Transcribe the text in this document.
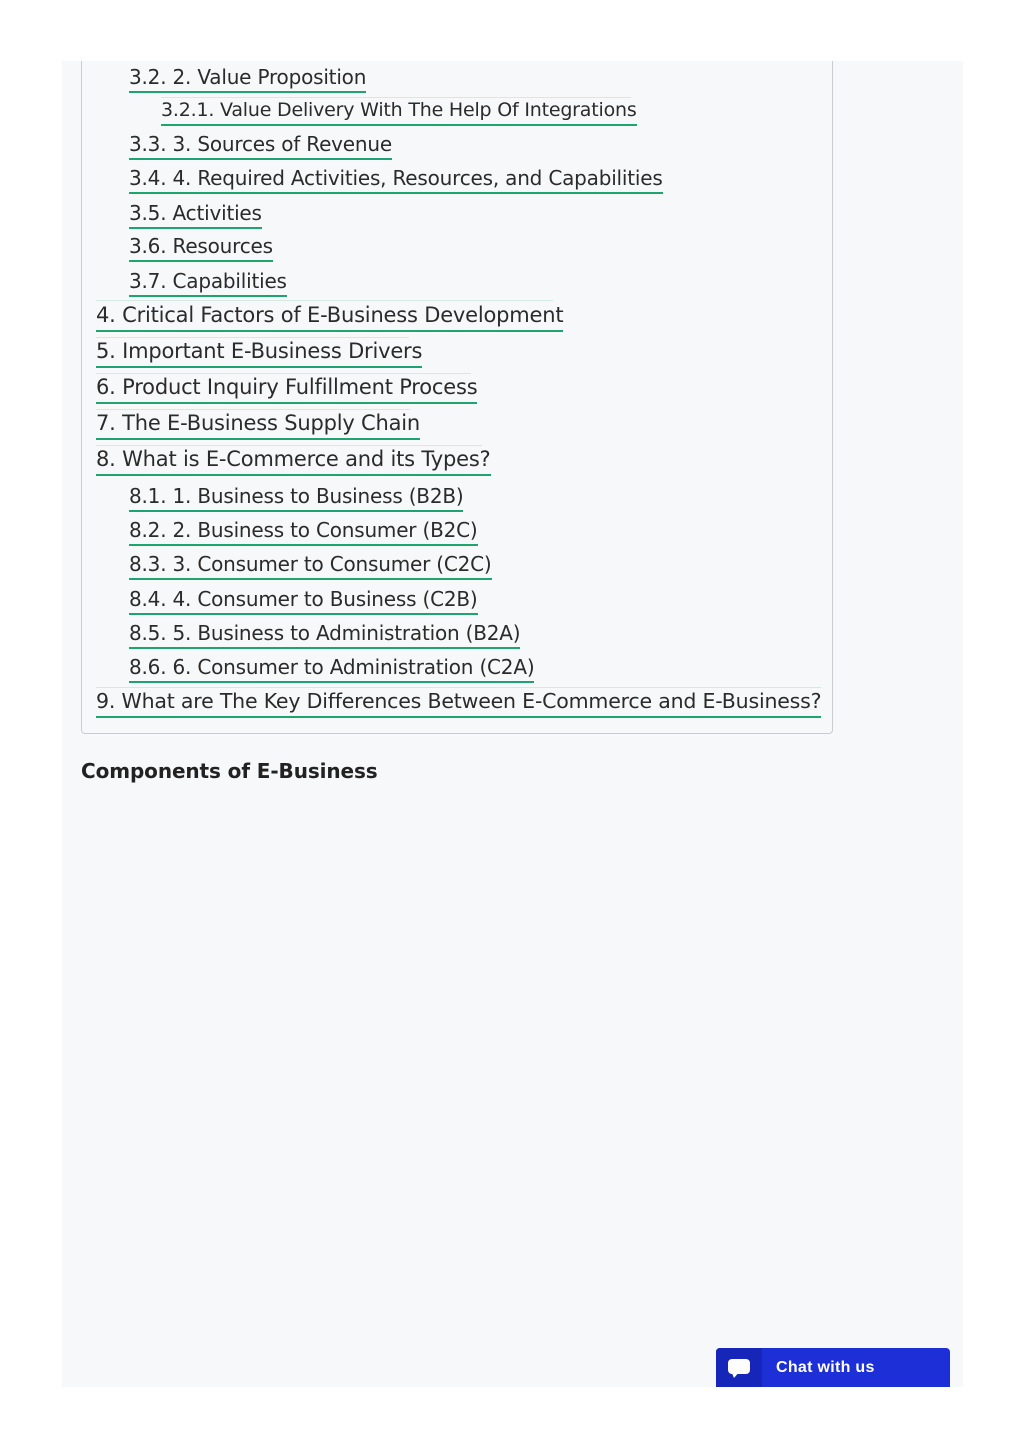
3.2. 2. Value Proposition
3.2.1. Value Delivery With The Help Of Integrations
3.3. 3. Sources of Revenue
3.4. 4. Required Activities, Resources, and Capabilities
3.5. Activities
3.6. Resources
3.7. Capabilities
4. Critical Factors of E-Business Development
5. Important E-Business Drivers
6. Product Inquiry Fulfillment Process
7. The E-Business Supply Chain
8. What is E-Commerce and its Types?
8.1. 1. Business to Business (B2B)
8.2. 2. Business to Consumer (B2C)
8.3. 3. Consumer to Consumer (C2C)
8.4. 4. Consumer to Business (C2B)
8.5. 5. Business to Administration (B2A)
8.6. 6. Consumer to Administration (C2A)
9. What are The Key Differences Between E-Commerce and E-Business?
Components of E-Business
Chat with us
